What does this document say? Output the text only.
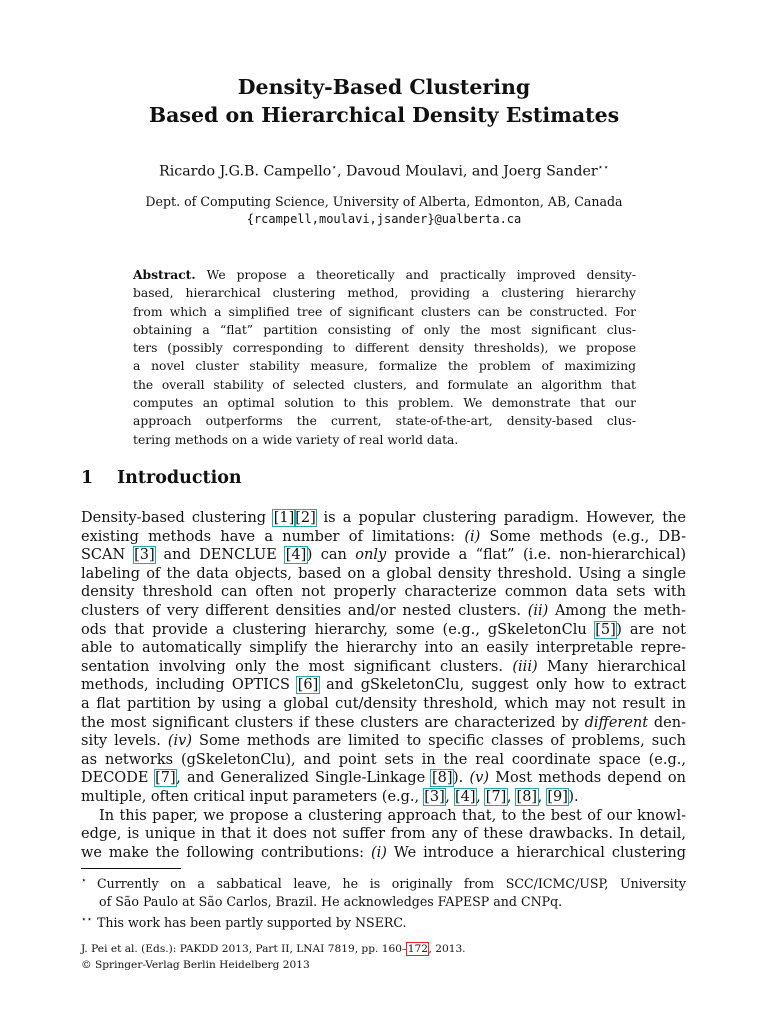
Density-Based Clustering
Based on Hierarchical Density Estimates
Ricardo J.G.B. Campello⋆, Davoud Moulavi, and Joerg Sander⋆⋆
Dept. of Computing Science, University of Alberta, Edmonton, AB, Canada
{rcampell,moulavi,jsander}@ualberta.ca
Abstract. We propose a theoretically and practically improved density-
based, hierarchical clustering method, providing a clustering hierarchy
from which a simplified tree of significant clusters can be constructed. For
obtaining a “flat” partition consisting of only the most significant clus-
ters (possibly corresponding to different density thresholds), we propose
a novel cluster stability measure, formalize the problem of maximizing
the overall stability of selected clusters, and formulate an algorithm that
computes an optimal solution to this problem. We demonstrate that our
approach outperforms the current, state-of-the-art, density-based clus-
tering methods on a wide variety of real world data.
1 Introduction
Density-based clustering [1][2] is a popular clustering paradigm. However, the
existing methods have a number of limitations: (i) Some methods (e.g., DB-
SCAN [3] and DENCLUE [4]) can only provide a “flat” (i.e. non-hierarchical)
labeling of the data objects, based on a global density threshold. Using a single
density threshold can often not properly characterize common data sets with
clusters of very different densities and/or nested clusters. (ii) Among the meth-
ods that provide a clustering hierarchy, some (e.g., gSkeletonClu [5]) are not
able to automatically simplify the hierarchy into an easily interpretable repre-
sentation involving only the most significant clusters. (iii) Many hierarchical
methods, including OPTICS [6] and gSkeletonClu, suggest only how to extract
a flat partition by using a global cut/density threshold, which may not result in
the most significant clusters if these clusters are characterized by different den-
sity levels. (iv) Some methods are limited to specific classes of problems, such
as networks (gSkeletonClu), and point sets in the real coordinate space (e.g.,
DECODE [7], and Generalized Single-Linkage [8]). (v) Most methods depend on
multiple, often critical input parameters (e.g., [3], [4], [7], [8], [9]).
In this paper, we propose a clustering approach that, to the best of our knowl-
edge, is unique in that it does not suffer from any of these drawbacks. In detail,
we make the following contributions: (i) We introduce a hierarchical clustering
⋆ Currently on a sabbatical leave, he is originally from SCC/ICMC/USP, University
of São Paulo at São Carlos, Brazil. He acknowledges FAPESP and CNPq.
⋆⋆ This work has been partly supported by NSERC.
J. Pei et al. (Eds.): PAKDD 2013, Part II, LNAI 7819, pp. 160–172, 2013.
© Springer-Verlag Berlin Heidelberg 2013
